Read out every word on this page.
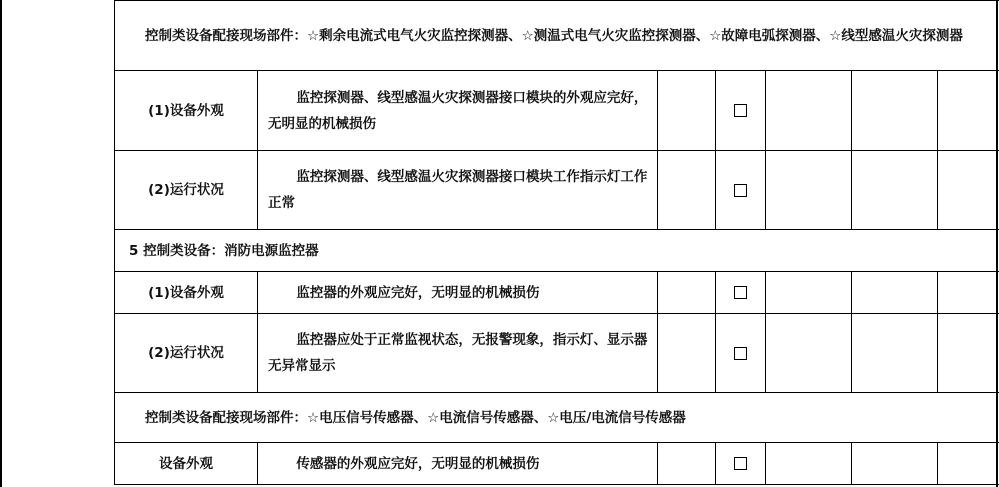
控制类设备配接现场部件：☆剩余电流式电气火灾监控探测器、☆测温式电气火灾监控探测器、☆故障电弧探测器、☆线型感温火灾探测器							
(1)设备外观	监控探测器、线型感温火灾探测器接口模块的外观应完好，无明显的机械损伤						
(2)运行状况	监控探测器、线型感温火灾探测器接口模块工作指示灯工作正常						
5 控制类设备：消防电源监控器							
(1)设备外观	监控器的外观应完好，无明显的机械损伤						
(2)运行状况	监控器应处于正常监视状态，无报警现象，指示灯、显示器无异常显示						
控制类设备配接现场部件：☆电压信号传感器、☆电流信号传感器、☆电压/电流信号传感器							
设备外观	传感器的外观应完好，无明显的机械损伤						
